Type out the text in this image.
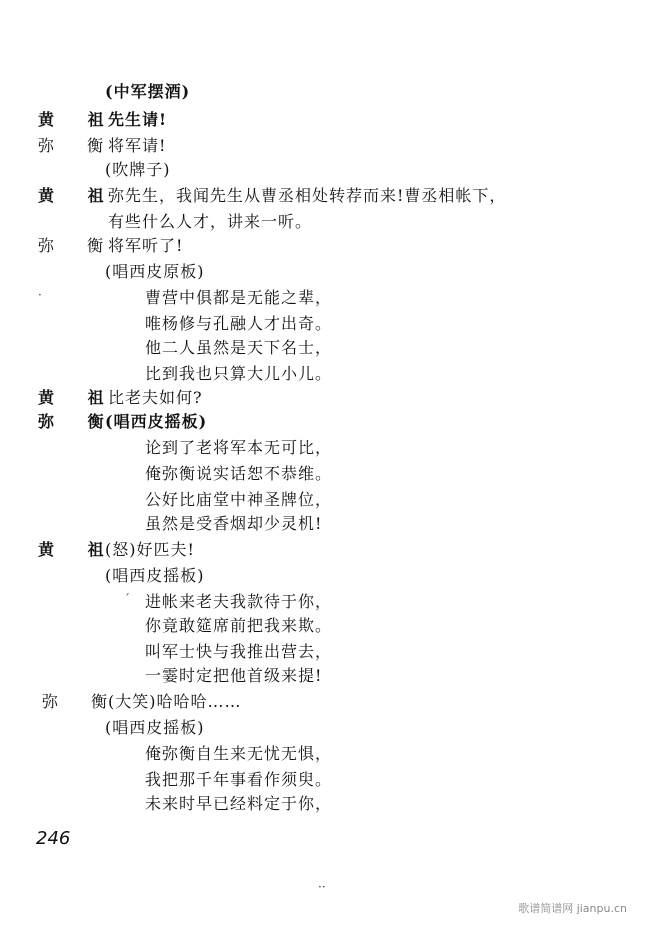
(中军摆酒)
黄 祖
先生请!
弥 衡
将军请!
(吹牌子)
黄 祖
弥先生，我闻先生从曹丞相处转荐而来!曹丞相帐下，
有些什么人才，讲来一听。
弥 衡
将军听了!
(唱西皮原板)
·	曹营中俱都是无能之辈，
唯杨修与孔融人才出奇。
他二人虽然是天下名士，
比到我也只算大儿小儿。
黄 祖
比老夫如何?
弥 衡
(唱西皮摇板)
论到了老将军本无可比，
俺弥衡说实话恕不恭维。
公好比庙堂中神圣牌位，
虽然是受香烟却少灵机!
黄 祖
(怒)好匹夫!
(唱西皮摇板)
ˊ 进帐来老夫我款待于你，
你竟敢筵席前把我来欺。
叫军士快与我推出营去，
一霎时定把他首级来提!
弥 衡
(大笑)哈哈哈……
(唱西皮摇板)
俺弥衡自生来无忧无惧，
我把那千年事看作须臾。
未来时早已经料定于你，
246
··
歌谱简谱网 jianpu.cn
